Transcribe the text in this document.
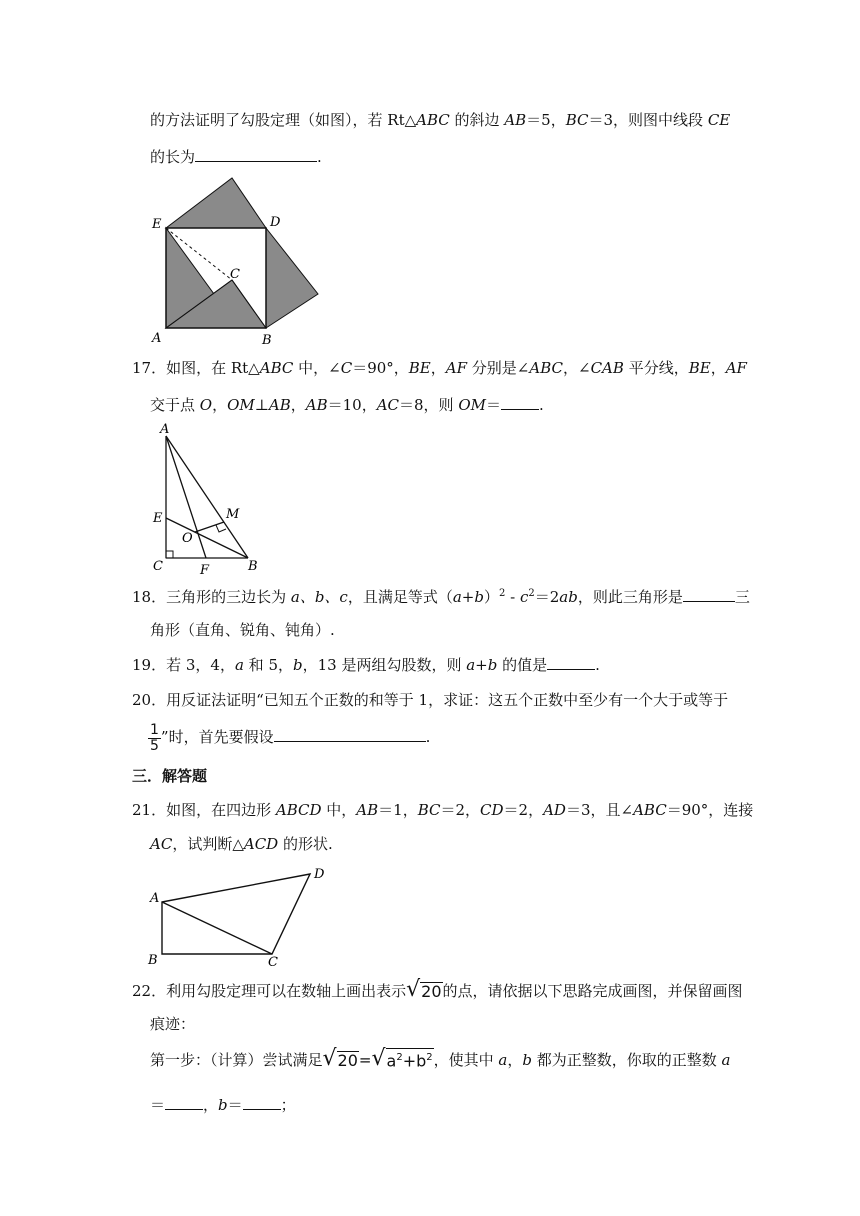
的方法证明了勾股定理（如图），若 Rt△ABC 的斜边 AB＝5，BC＝3，则图中线段 CE
的长为	.
E	D
C
A	B
17．如图，在 Rt△ABC 中，∠C＝90°，BE，AF 分别是∠ABC，∠CAB 平分线，BE，AF
交于点 O，OM⊥AB，AB＝10，AC＝8，则 OM＝	.
A
E	M
O
C	F	B
18．三角形的三边长为 a、b、c，且满足等式$(a+b)^2 - c^2=2ab$，则此三角形是	三
角形（直角、锐角、钝角）.
19．若 3，4，a 和 5，b，13 是两组勾股数，则 a+b 的值是	.
20．用反证法证明“已知五个正数的和等于 1，求证：这五个正数中至少有一个大于或等于
$\frac{1}{5}$ ”时，首先要假设	.
三．解答题
21．如图，在四边形 ABCD 中，AB＝1，BC＝2，CD＝2，AD＝3，且∠ABC＝90°，连接
AC，试判断△ACD 的形状.
A
B	C
D
22．利用勾股定理可以在数轴上画出表示 √ 20 的点，请依据以下思路完成画图，并保留画图
痕迹：
第一步：（计算）尝试满足 √ 20 = √ $a^2+b^2$ ，使其中 a，b 都为正整数，你取的正整数 a
＝	，b＝	；
